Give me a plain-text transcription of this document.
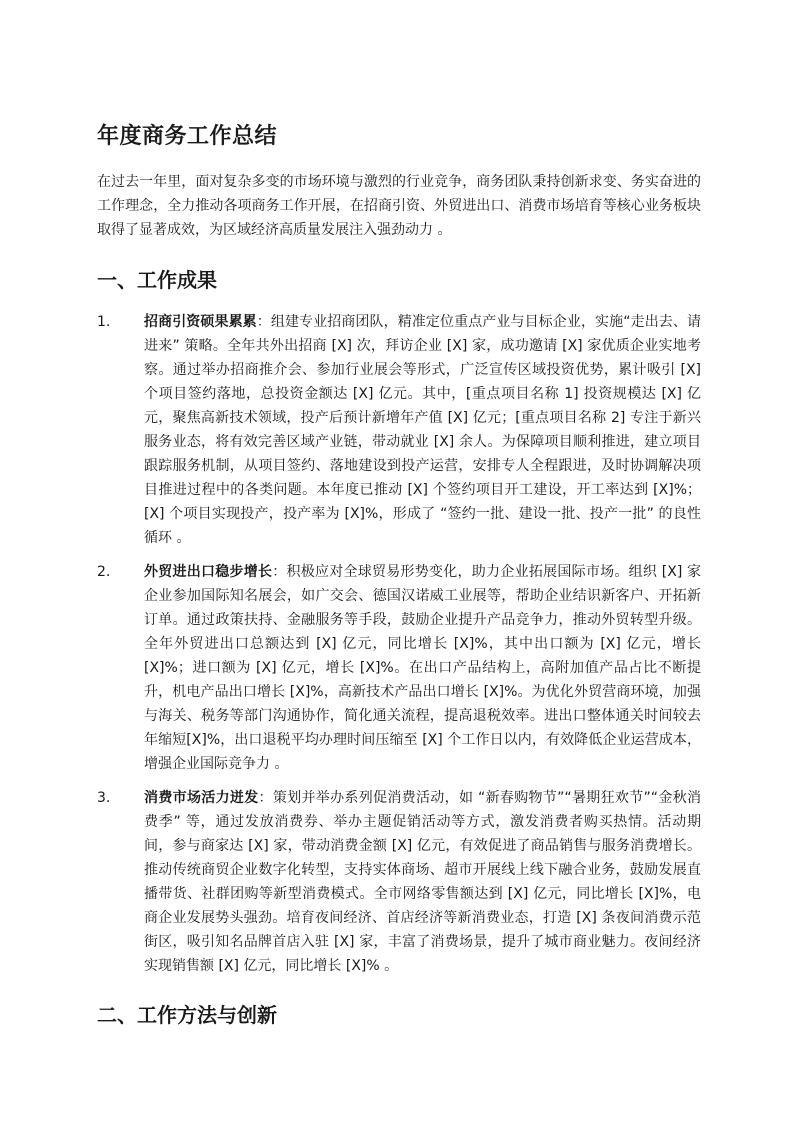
年度商务工作总结

在过去一年里，面对复杂多变的市场环境与激烈的行业竞争，商务团队秉持创新求变、务实奋进的工作理念，全力推动各项商务工作开展，在招商引资、外贸进出口、消费市场培育等核心业务板块取得了显著成效，为区域经济高质量发展注入强劲动力 。

一、工作成果
1. 招商引资硕果累累：组建专业招商团队，精准定位重点产业与目标企业，实施“走出去、请进来” 策略。全年共外出招商 [X] 次，拜访企业 [X] 家，成功邀请 [X] 家优质企业实地考察。通过举办招商推介会、参加行业展会等形式，广泛宣传区域投资优势，累计吸引 [X] 个项目签约落地，总投资金额达 [X] 亿元。其中，[重点项目名称 1] 投资规模达 [X] 亿元，聚焦高新技术领域，投产后预计新增年产值 [X] 亿元；[重点项目名称 2] 专注于新兴服务业态，将有效完善区域产业链，带动就业 [X] 余人。为保障项目顺利推进，建立项目跟踪服务机制，从项目签约、落地建设到投产运营，安排专人全程跟进，及时协调解决项目推进过程中的各类问题。本年度已推动 [X] 个签约项目开工建设，开工率达到 [X]%；[X] 个项目实现投产，投产率为 [X]%，形成了 “签约一批、建设一批、投产一批” 的良性循环 。
2. 外贸进出口稳步增长：积极应对全球贸易形势变化，助力企业拓展国际市场。组织 [X] 家企业参加国际知名展会，如广交会、德国汉诺威工业展等，帮助企业结识新客户、开拓新订单。通过政策扶持、金融服务等手段，鼓励企业提升产品竞争力，推动外贸转型升级。全年外贸进出口总额达到 [X] 亿元，同比增长 [X]%，其中出口额为 [X] 亿元，增长 [X]%；进口额为 [X] 亿元，增长 [X]%。在出口产品结构上，高附加值产品占比不断提升，机电产品出口增长 [X]%，高新技术产品出口增长 [X]%。为优化外贸营商环境，加强与海关、税务等部门沟通协作，简化通关流程，提高退税效率。进出口整体通关时间较去年缩短[X]%，出口退税平均办理时间压缩至 [X] 个工作日以内，有效降低企业运营成本，增强企业国际竞争力 。
3. 消费市场活力迸发：策划并举办系列促消费活动，如 “新春购物节”“暑期狂欢节”“金秋消费季” 等，通过发放消费券、举办主题促销活动等方式，激发消费者购买热情。活动期间，参与商家达 [X] 家，带动消费金额 [X] 亿元，有效促进了商品销售与服务消费增长。推动传统商贸企业数字化转型，支持实体商场、超市开展线上线下融合业务，鼓励发展直播带货、社群团购等新型消费模式。全市网络零售额达到 [X] 亿元，同比增长 [X]%，电商企业发展势头强劲。培育夜间经济、首店经济等新消费业态，打造 [X] 条夜间消费示范街区，吸引知名品牌首店入驻 [X] 家，丰富了消费场景，提升了城市商业魅力。夜间经济实现销售额 [X] 亿元，同比增长 [X]% 。
二、工作方法与创新
